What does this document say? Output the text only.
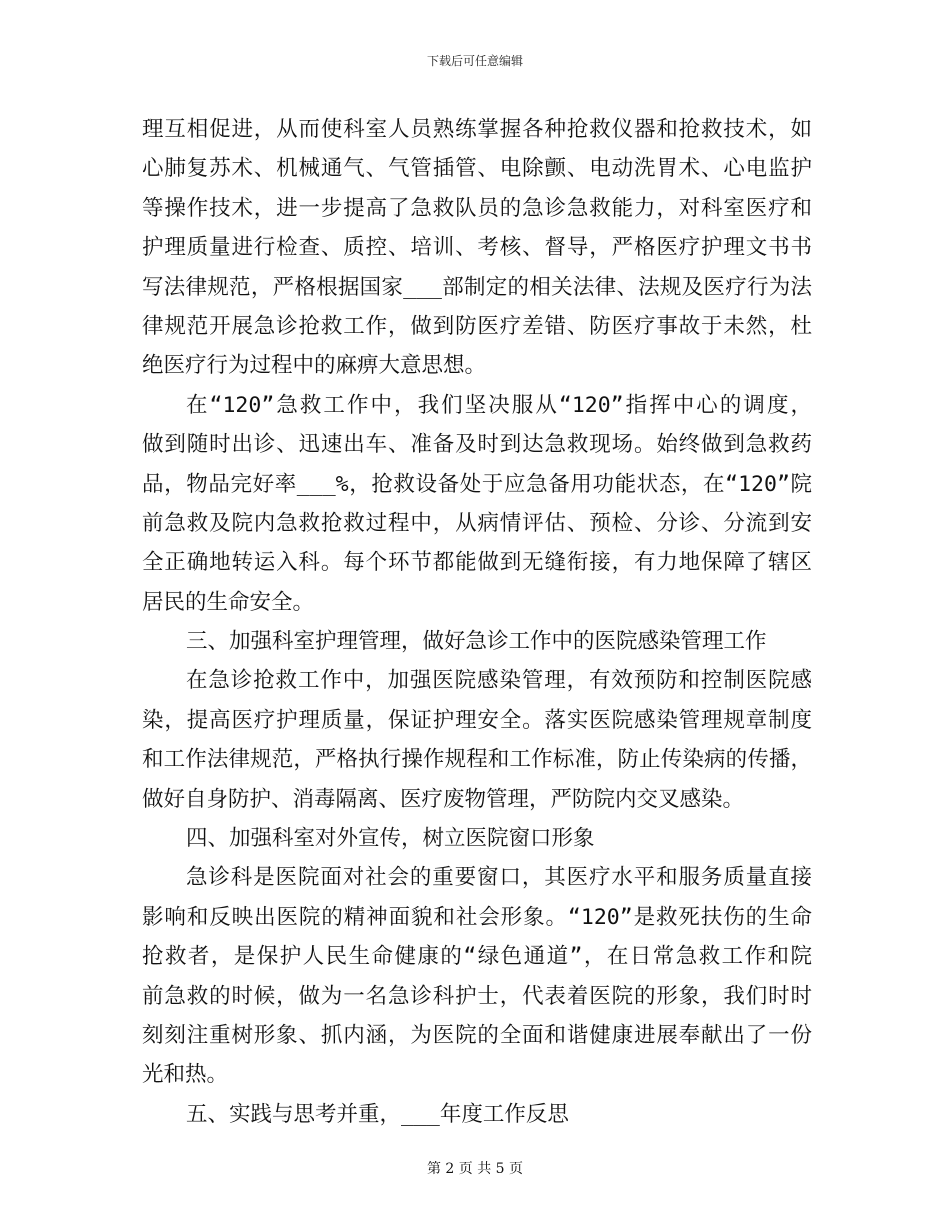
下载后可任意编辑
理互相促进，从而使科室人员熟练掌握各种抢救仪器和抢救技术，如
心肺复苏术、机械通气、气管插管、电除颤、电动洗胃术、心电监护
等操作技术，进一步提高了急救队员的急诊急救能力，对科室医疗和
护理质量进行检查、质控、培训、考核、督导，严格医疗护理文书书
写法律规范，严格根据国家___部制定的相关法律、法规及医疗行为法
律规范开展急诊抢救工作，做到防医疗差错、防医疗事故于未然，杜
绝医疗行为过程中的麻痹大意思想。
在“120”急救工作中，我们坚决服从“120”指挥中心的调度，
做到随时出诊、迅速出车、准备及时到达急救现场。始终做到急救药
品，物品完好率___%，抢救设备处于应急备用功能状态，在“120”院
前急救及院内急救抢救过程中，从病情评估、预检、分诊、分流到安
全正确地转运入科。每个环节都能做到无缝衔接，有力地保障了辖区
居民的生命安全。
三、加强科室护理管理，做好急诊工作中的医院感染管理工作
在急诊抢救工作中，加强医院感染管理，有效预防和控制医院感
染，提高医疗护理质量，保证护理安全。落实医院感染管理规章制度
和工作法律规范，严格执行操作规程和工作标准，防止传染病的传播，
做好自身防护、消毒隔离、医疗废物管理，严防院内交叉感染。
四、加强科室对外宣传，树立医院窗口形象
急诊科是医院面对社会的重要窗口，其医疗水平和服务质量直接
影响和反映出医院的精神面貌和社会形象。“120”是救死扶伤的生命
抢救者，是保护人民生命健康的“绿色通道”，在日常急救工作和院
前急救的时候，做为一名急诊科护士，代表着医院的形象，我们时时
刻刻注重树形象、抓内涵，为医院的全面和谐健康进展奉献出了一份
光和热。
五、实践与思考并重，___年度工作反思
第 2 页 共 5 页
